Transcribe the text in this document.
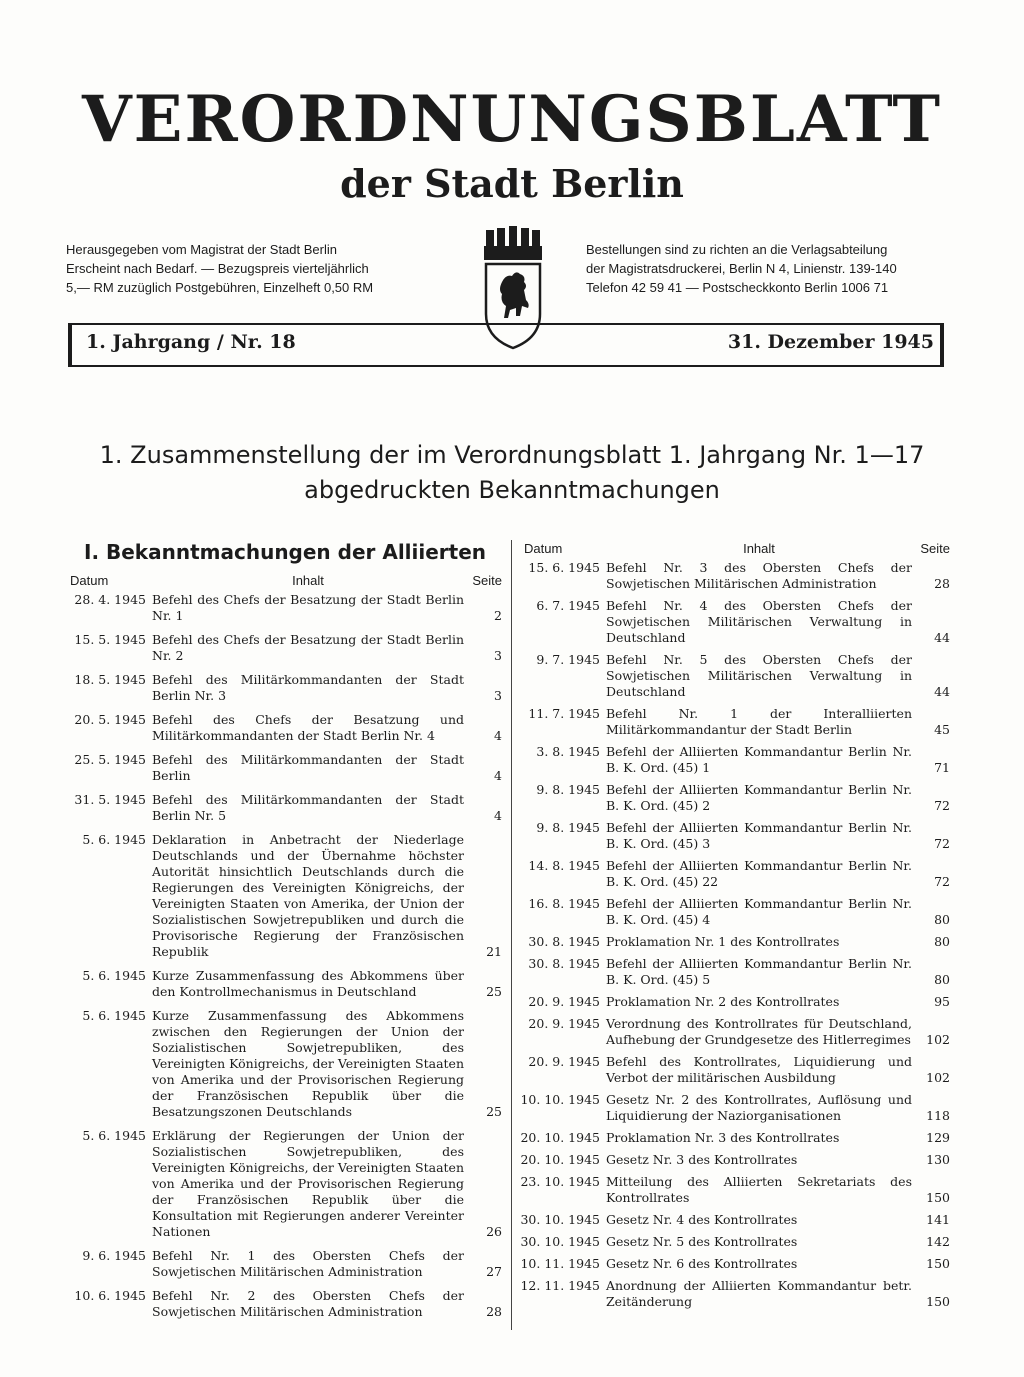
VERORDNUNGSBLATT
der Stadt Berlin
Herausgegeben vom Magistrat der Stadt Berlin
Erscheint nach Bedarf. — Bezugspreis vierteljährlich
5,— RM zuzüglich Postgebühren, Einzelheft 0,50 RM
Bestellungen sind zu richten an die Verlagsabteilung
der Magistratsdruckerei, Berlin N 4, Linienstr. 139-140
Telefon 42 59 41 — Postscheckkonto Berlin 1006 71
1. Jahrgang / Nr. 18	31. Dezember 1945
1. Zusammenstellung der im Verordnungsblatt 1. Jahrgang Nr. 1—17
abgedruckten Bekanntmachungen
I. Bekanntmachungen der Alliierten
Datum	Inhalt	Seite
28. 4. 1945 Befehl des Chefs der Besatzung der Stadt Berlin Nr. 1	2
15. 5. 1945 Befehl des Chefs der Besatzung der Stadt Berlin Nr. 2	3
18. 5. 1945 Befehl des Militärkommandanten der Stadt Berlin Nr. 3	3
20. 5. 1945 Befehl des Chefs der Besatzung und Militärkommandanten der Stadt Berlin Nr. 4	4
25. 5. 1945 Befehl des Militärkommandanten der Stadt Berlin	4
31. 5. 1945 Befehl des Militärkommandanten der Stadt Berlin Nr. 5	4
5. 6. 1945 Deklaration in Anbetracht der Niederlage Deutschlands und der Übernahme höchster Autorität hinsichtlich Deutschlands durch die Regierungen des Vereinigten Königreichs, der Vereinigten Staaten von Amerika, der Union der Sozialistischen Sowjetrepubliken und durch die Provisorische Regierung der Französischen Republik	21
5. 6. 1945 Kurze Zusammenfassung des Abkommens über den Kontrollmechanismus in Deutschland	25
5. 6. 1945 Kurze Zusammenfassung des Abkommens zwischen den Regierungen der Union der Sozialistischen Sowjetrepubliken, des Vereinigten Königreichs, der Vereinigten Staaten von Amerika und der Provisorischen Regierung der Französischen Republik über die Besatzungszonen Deutschlands	25
5. 6. 1945 Erklärung der Regierungen der Union der Sozialistischen Sowjetrepubliken, des Vereinigten Königreichs, der Vereinigten Staaten von Amerika und der Provisorischen Regierung der Französischen Republik über die Konsultation mit Regierungen anderer Vereinter Nationen	26
9. 6. 1945 Befehl Nr. 1 des Obersten Chefs der Sowjetischen Militärischen Administration	27
10. 6. 1945 Befehl Nr. 2 des Obersten Chefs der Sowjetischen Militärischen Administration	28
Datum	Inhalt	Seite
15. 6. 1945 Befehl Nr. 3 des Obersten Chefs der Sowjetischen Militärischen Administration	28
6. 7. 1945 Befehl Nr. 4 des Obersten Chefs der Sowjetischen Militärischen Verwaltung in Deutschland	44
9. 7. 1945 Befehl Nr. 5 des Obersten Chefs der Sowjetischen Militärischen Verwaltung in Deutschland	44
11. 7. 1945 Befehl Nr. 1 der Interalliierten Militärkommandantur der Stadt Berlin	45
3. 8. 1945 Befehl der Alliierten Kommandantur Berlin Nr. B. K. Ord. (45) 1	71
9. 8. 1945 Befehl der Alliierten Kommandantur Berlin Nr. B. K. Ord. (45) 2	72
9. 8. 1945 Befehl der Alliierten Kommandantur Berlin Nr. B. K. Ord. (45) 3	72
14. 8. 1945 Befehl der Alliierten Kommandantur Berlin Nr. B. K. Ord. (45) 22	72
16. 8. 1945 Befehl der Alliierten Kommandantur Berlin Nr. B. K. Ord. (45) 4	80
30. 8. 1945 Proklamation Nr. 1 des Kontrollrates	80
30. 8. 1945 Befehl der Alliierten Kommandantur Berlin Nr. B. K. Ord. (45) 5	80
20. 9. 1945 Proklamation Nr. 2 des Kontrollrates	95
20. 9. 1945 Verordnung des Kontrollrates für Deutschland, Aufhebung der Grundgesetze des Hitlerregimes	102
20. 9. 1945 Befehl des Kontrollrates, Liquidierung und Verbot der militärischen Ausbildung	102
10. 10. 1945 Gesetz Nr. 2 des Kontrollrates, Auflösung und Liquidierung der Naziorganisationen	118
20. 10. 1945 Proklamation Nr. 3 des Kontrollrates	129
20. 10. 1945 Gesetz Nr. 3 des Kontrollrates	130
23. 10. 1945 Mitteilung des Alliierten Sekretariats des Kontrollrates	150
30. 10. 1945 Gesetz Nr. 4 des Kontrollrates	141
30. 10. 1945 Gesetz Nr. 5 des Kontrollrates	142
10. 11. 1945 Gesetz Nr. 6 des Kontrollrates	150
12. 11. 1945 Anordnung der Alliierten Kommandantur betr. Zeitänderung	150
